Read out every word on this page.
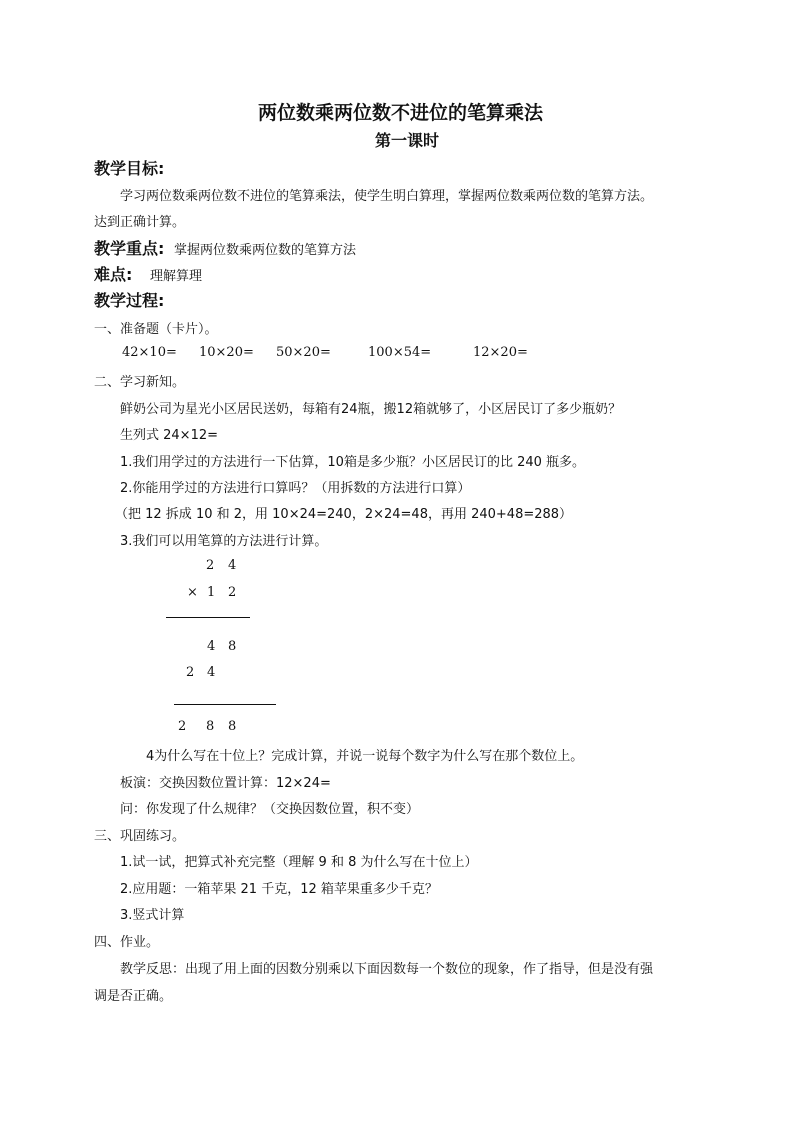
两位数乘两位数不进位的笔算乘法
第一课时
教学目标:
学习两位数乘两位数不进位的笔算乘法，使学生明白算理，掌握两位数乘两位数的笔算方法。
达到正确计算。
教学重点: 掌握两位数乘两位数的笔算方法
难点: 理解算理
教学过程:
一、准备题（卡片）。
42×10= 10×20= 50×20=	100×54=	12×20=
二、学习新知。
鲜奶公司为星光小区居民送奶，每箱有24瓶，搬12箱就够了，小区居民订了多少瓶奶？
生列式 24×12=
1.我们用学过的方法进行一下估算，10箱是多少瓶？小区居民订的比 240 瓶多。
2.你能用学过的方法进行口算吗？（用拆数的方法进行口算）
（把 12 拆成 10 和 2，用 10×24=240，2×24=48，再用 240+48=288）
3.我们可以用笔算的方法进行计算。
2 4
× 1 2
4 8
2 4
2 8 8
4为什么写在十位上？完成计算，并说一说每个数字为什么写在那个数位上。
板演：交换因数位置计算：12×24=
问：你发现了什么规律？（交换因数位置，积不变）
三、巩固练习。
1.试一试，把算式补充完整（理解 9 和 8 为什么写在十位上）
2.应用题：一箱苹果 21 千克，12 箱苹果重多少千克？
3.竖式计算
四、作业。
教学反思：出现了用上面的因数分别乘以下面因数每一个数位的现象，作了指导，但是没有强
调是否正确。
